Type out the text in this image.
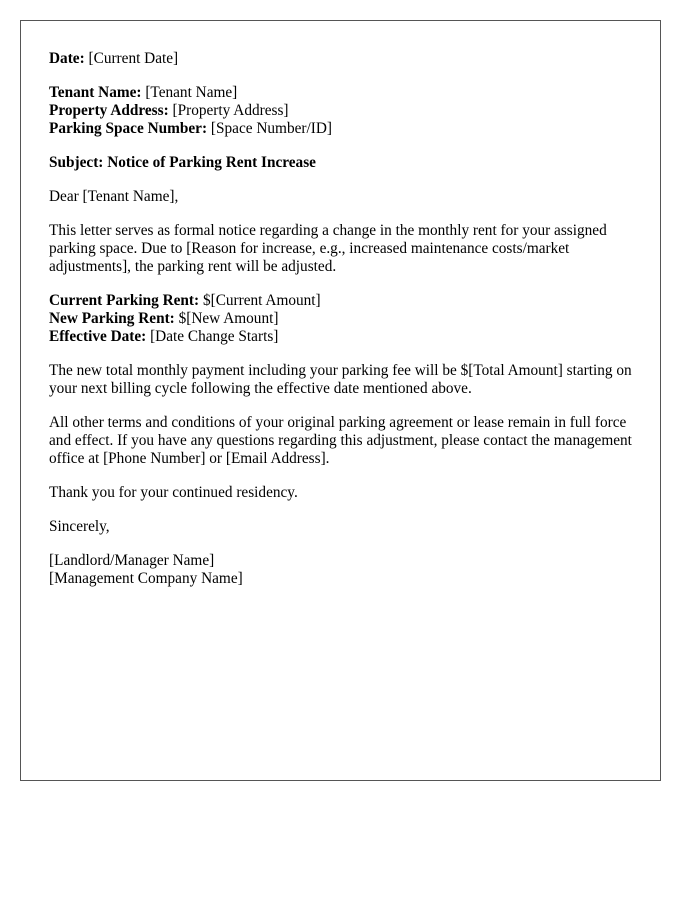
Date: [Current Date]

Tenant Name: [Tenant Name]
Property Address: [Property Address]
Parking Space Number: [Space Number/ID]

Subject: Notice of Parking Rent Increase

Dear [Tenant Name],

This letter serves as formal notice regarding a change in the monthly rent for your assigned parking space. Due to [Reason for increase, e.g., increased maintenance costs/market adjustments], the parking rent will be adjusted.

Current Parking Rent: $[Current Amount]
New Parking Rent: $[New Amount]
Effective Date: [Date Change Starts]

The new total monthly payment including your parking fee will be $[Total Amount] starting on your next billing cycle following the effective date mentioned above.

All other terms and conditions of your original parking agreement or lease remain in full force and effect. If you have any questions regarding this adjustment, please contact the management office at [Phone Number] or [Email Address].

Thank you for your continued residency.

Sincerely,

[Landlord/Manager Name]
[Management Company Name]
